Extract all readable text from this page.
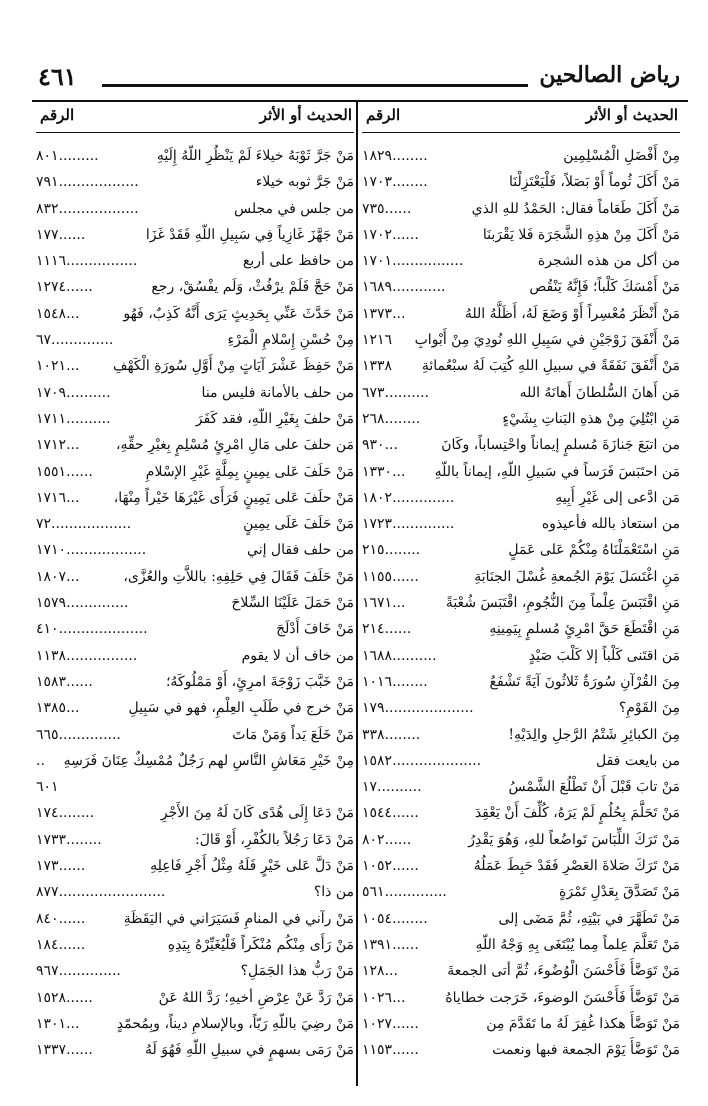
٤٦١	رياض الصالحين
الحديث أو الأثر
الرقم
مِنْ أَفْضَلِ الْمُسْلِمِين
........١٨٢٩
مَنْ أَكَلَ ثُوماً أَوْ بَصَلاً، فَلْيَعْتَزِلْنَا
........١٧٠٣
مَنْ أَكَلَ طَعَاماً فقال: الحَمْدُ للهِ الذي
......٧٣٥
مَنْ أَكَلَ مِنْ هذِهِ الشَّجَرَة فَلا يَقْرَبنَا
......١٧٠٢
من أكل من هذه الشجرة
................١٧٠١
مَنْ أَمْسَكَ كَلْباً؛ فَإِنَّهُ يَنْقُص
............١٦٨٩
مَنْ أَنْظَرَ مُعْسِراً أَوْ وَضَعَ لَهُ، أَظَلَّهُ اللهُ
...١٣٧٣
مَنْ أَنْفَقَ زَوْجَيْنِ في سَبِيلِ اللهِ نُودِيَ مِنْ أَبْوابِ
١٢١٦
مَنْ أَنْفَقَ نَفَقَةً في سبيلِ اللهِ كُتِبَ لَهُ سبْعُمائةِ
١٣٣٨
مَن أَهانَ السُّلطانَ أَهانَهُ الله
..........٦٧٣
مَنِ ابْتُلِيَ مِنْ هذهِ البَناتِ بِشَيْءٍ
........٢٦٨
من اتبَعَ جَنازَةَ مُسلمٍ إيماناً واحْتِساباً، وكَانَ
...٩٣٠
مَن احتَبَسَ فَرَساً في سَبيلِ اللّهِ، إيماناً باللّهِ
...١٣٣٠
مَن ادَّعى إلى غَيْرِ أَبِيهِ
..............١٨٠٢
من استعاذ بالله فأعيذوه
..............١٧٢٣
مَنِ اسْتَعْمَلْنَاهُ مِنْكُمْ عَلى عَمَلٍ
........٢١٥
مَنِ اغْتَسَلَ يَوْمَ الجُمعةِ غُسْلَ الجنَابَةِ
......١١٥٥
مَنِ اقْتَبَسَ عِلْماً مِنَ النُّجُومِ، اقْتَبَسَ شُعْبَةً
...١٦٧١
مَنِ اقْتَطَعَ حَقَّ امْرِئٍ مُسلمٍ بِيَمِينِهِ
......٢١٤
مَن اقتَنى كَلْباً إلا كَلْبَ صَيْدٍ
..........١٦٨٨
مِنَ القُرْآنِ سُورَةٌ ثَلاثُونَ آيَةً تَشْفَعُ
........١٠١٦
مِنَ القَوْمِ؟
....................١٧٩
مِنَ الكبائِرِ شَتْمُ الرَّجلِ والِدَيْهِ!
........٣٣٨
من بايعت فقل
....................١٥٨٢
مَنْ تابَ قَبْلَ أَنْ تَطْلُعَ الشَّمْسُ
..........١٧
مَنْ تَحَلَّمَ بِحُلُمٍ لَمْ يَرَهُ، كُلِّفَ أَنْ يَعْقِدَ
......١٥٤٤
مَنْ تَرَكَ اللِّبَاسَ تَواضُعاً للهِ، وَهُوَ يَقْدِرُ
......٨٠٢
مَنْ تَرَكَ صَلاةَ العَصْرِ فَقَدْ حَبِطَ عَمَلُهُ
......١٠٥٢
مَنْ تَصَدَّقَ بِعَدْلِ تَمْرَةٍ
..............٥٦١
مَنْ تَطَهَّرَ في بَيْتِهِ، ثُمَّ مَضَى إلى
........١٠٥٤
مَنْ تَعَلَّمَ عِلماً مِما يُبْتَغَى بِهِ وَجْهُ اللّهِ
......١٣٩١
مَنْ تَوَضَّأَ فَأَحْسَنَ الْوُضُوءَ، ثُمَّ أتى الجمعةَ
...١٢٨
مَنْ تَوَضَّأَ فَأَحْسَنَ الوضوءَ، خَرَجت خطاياهُ
...١٠٢٦
مَنْ تَوَضَّأَ هكذا غُفِرَ لَهُ ما تَقَدَّمَ مِن
......١٠٢٧
مَنْ تَوَضَّأَ يَوْمَ الجمعة فبها ونعمت
......١١٥٣
الحديث أو الأثر
الرقم
مَنْ جَرَّ ثَوْبَهُ خيلاءَ لَمْ يَنْظُرِ اللّهُ إِلَيْهِ
.........٨٠١
مَنْ جَرَّ ثوبه خيلاء
..................٧٩١
من جلس في مجلس
..................٨٣٢
مَنْ جَهَّزَ غَازِياً فِي سَبِيلِ اللّهِ فَقَدْ غَزَا
......١٧٧
من حافظ على أربع
................١١١٦
مَنْ حَجَّ فَلَمْ يرْفُثْ، وَلَم يفْسُقْ، رجع
......١٢٧٤
مَنْ حَدَّثَ عَنِّي بِحَدِيثٍ يَرَى أَنَّهُ كَذِبٌ، فَهُو
...١٥٤٨
مِنْ حُسْنِ إِسْلامِ الْمَرْءِ
..............٦٧
مَنْ حَفِظَ عَشْرَ آيَاتٍ مِنْ أَوَّلِ سُورَةِ الْكَهْفِ
...١٠٢١
من حلف بالأمانة فليس منا
..........١٧٠٩
مَنْ حلفَ بِغَيْرِ اللّهِ، فقد كَفَرَ
..........١٧١١
مَن حلفَ على مَالِ امْرِئٍ مُسْلِمٍ بِغيْرِ حقِّهِ،
...١٧١٢
مَنْ حَلَفَ عَلى يمِينٍ بِمِلَّةٍ غَيْرِ الإسْلامِ
......١٥٥١
مَنْ حلَفَ عَلى يَمِينٍ فَرَأَى غَيْرَهَا خَيْراً مِنْهَا،
...١٧١٦
مَنْ حَلَفَ عَلَى يمِينٍ
..................٧٢
من حلف فقال إني
..................١٧١٠
مَنْ حَلَفَ فَقَالَ فِي حَلِفِهِ: باللاَّتِ والعُزَّى،
...١٨٠٧
مَنْ حَمَلَ عَلَيْنَا السِّلاحَ
..............١٥٧٩
مَنْ خَافَ أَدْلَجَ
....................٤١٠
من خاف أن لا يقوم
................١١٣٨
مَنْ خَبَّبَ زَوْجَةَ امرِئٍ، أَوْ مَمْلُوكَهُ؛
......١٥٨٣
مَنْ خرج في طَلَبِ العِلْمِ، فهو في سَبِيلِ
...١٣٨٥
مَنْ خَلَعَ يَداً وَمَنْ مَاتَ
..............٦٦٥
مِنْ خَيْرِ مَعَاشِ النَّاسِ لهم رَجُلٌ مُمْسِكٌ عِنَانَ فَرَسِهِ
..
٦٠١
مَنْ دَعَا إِلَى هُدًى كَانَ لَهُ مِنَ الأَجْرِ
........١٧٤
مَنْ دَعَا رَجُلاً بالكُفْرِ، أَوْ قَالَ:
........١٧٣٣
مَنْ دَلَّ عَلى خَيْرٍ فَلَهُ مِثْلُ أَجْرِ فَاعِلِهِ
......١٧٣
من ذا؟
........................٨٧٧
مَنْ رآني في المنامِ فَسَيَرَاني في اليَقَظَةِ
......٨٤٠
مَنْ رَأَى مِنْكُم مُنْكَراً فَلْيُغَيِّرْهُ بِيَدِهِ
......١٨٤
مَنْ رَبُّ هذا الجَمَلِ؟
..............٩٦٧
مَنْ رَدَّ عَنْ عِرْضِ أخيهِ؛ رَدَّ اللهُ عَنْ
......١٥٢٨
مَنْ رضِيَ باللّهِ رَبّاً، وبالإسلامِ ديناً، وبِمُحمّدٍ
...١٣٠١
مَنْ رَمَى بسهمٍ في سبيلِ اللّهِ فَهُوَ لَهُ
......١٣٣٧
